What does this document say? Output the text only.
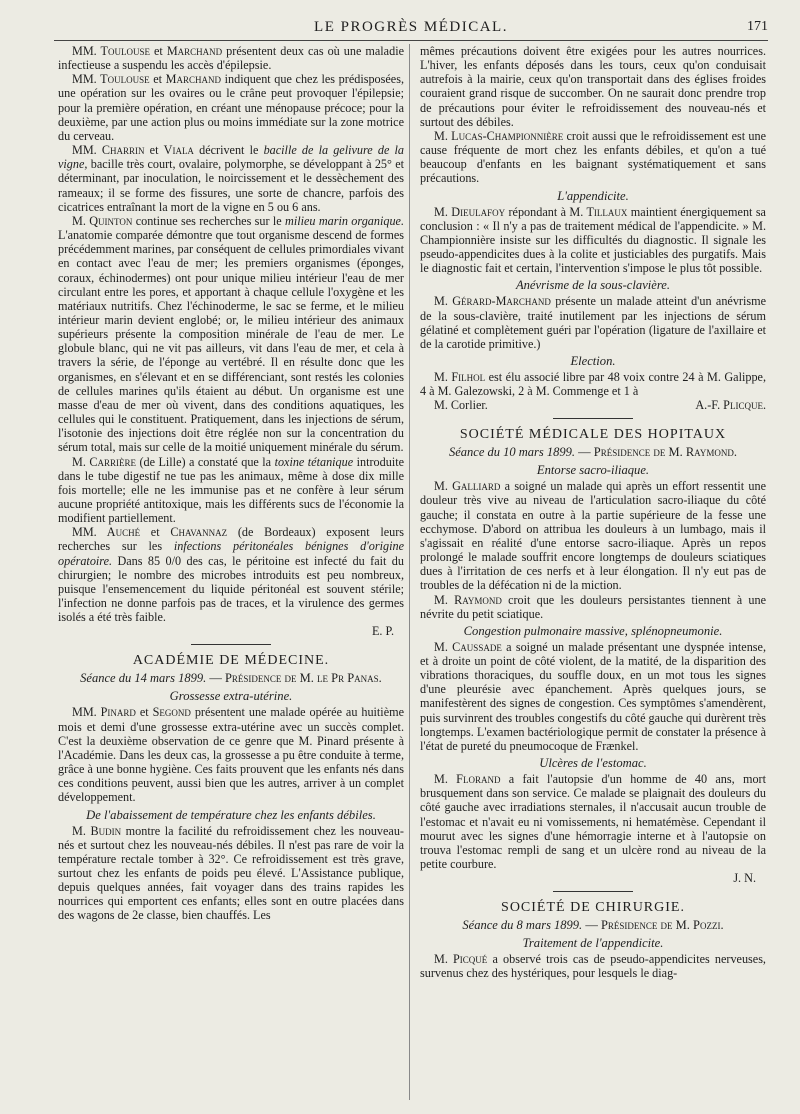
LE PROGRÈS MÉDICAL.	171

MM. Toulouse et Marchand présentent deux cas où une maladie infectieuse a suspendu les accès d'épilepsie.

MM. Toulouse et Marchand indiquent que chez les prédisposées, une opération sur les ovaires ou le crâne peut provoquer l'épilepsie; pour la première opération, en créant une ménopause précoce; pour la deuxième, par une action plus ou moins immédiate sur la zone motrice du cerveau.

MM. Charrin et Viala décrivent le bacille de la gelivure de la vigne, bacille très court, ovalaire, polymorphe, se développant à 25° et déterminant, par inoculation, le noircissement et le dessèchement des rameaux; il se forme des fissures, une sorte de chancre, parfois des cicatrices entraînant la mort de la vigne en 5 ou 6 ans.

M. Quinton continue ses recherches sur le milieu marin organique. L'anatomie comparée démontre que tout organisme descend de formes précédemment marines, par conséquent de cellules primordiales vivant en contact avec l'eau de mer; les premiers organismes (éponges, coraux, échinodermes) ont pour unique milieu intérieur l'eau de mer circulant entre les pores, et apportant à chaque cellule l'oxygène et les matériaux nutritifs. Chez l'échinoderme, le sac se ferme, et le milieu intérieur marin devient englobé; or, le milieu intérieur des animaux supérieurs présente la composition minérale de l'eau de mer. Le globule blanc, qui ne vit pas ailleurs, vit dans l'eau de mer, et cela à travers la série, de l'éponge au vertébré. Il en résulte donc que les organismes, en s'élevant et en se différenciant, sont restés les colonies de cellules marines qu'ils étaient au début. Un organisme est une masse d'eau de mer où vivent, dans des conditions aquatiques, les cellules qui le constituent. Pratiquement, dans les injections de sérum, l'isotonie des injections doit être réglée non sur la concentration du sérum total, mais sur celle de la moitié uniquement minérale du sérum.

M. Carrière (de Lille) a constaté que la toxine tétanique introduite dans le tube digestif ne tue pas les animaux, même à dose dix mille fois mortelle; elle ne les immunise pas et ne confère à leur sérum aucune propriété antitoxique, mais les différents sucs de l'économie la modifient partiellement.

MM. Auché et Chavannaz (de Bordeaux) exposent leurs recherches sur les infections péritonéales bénignes d'origine opératoire. Dans 85 0/0 des cas, le péritoine est infecté du fait du chirurgien; le nombre des microbes introduits est peu nombreux, puisque l'ensemencement du liquide péritonéal est souvent stérile; l'infection ne donne parfois pas de traces, et la virulence des germes isolés a été très faible.

E. P.

ACADÉMIE DE MÉDECINE.

Séance du 14 mars 1899. — Présidence de M. le Pr Panas.

Grossesse extra-utérine.

MM. Pinard et Segond présentent une malade opérée au huitième mois et demi d'une grossesse extra-utérine avec un succès complet. C'est la deuxième observation de ce genre que M. Pinard présente à l'Académie. Dans les deux cas, la grossesse a pu être conduite à terme, grâce à une bonne hygiène. Ces faits prouvent que les enfants nés dans ces conditions peuvent, aussi bien que les autres, arriver à un complet développement.

De l'abaissement de température chez les enfants débiles.

M. Budin montre la facilité du refroidissement chez les nouveau-nés et surtout chez les nouveau-nés débiles. Il n'est pas rare de voir la température rectale tomber à 32°. Ce refroidissement est très grave, surtout chez les enfants de poids peu élevé. L'Assistance publique, depuis quelques années, fait voyager dans des trains rapides les nourrices qui emportent ces enfants; elles sont en outre placées dans des wagons de 2e classe, bien chauffés. Les

mêmes précautions doivent être exigées pour les autres nourrices. L'hiver, les enfants déposés dans les tours, ceux qu'on conduisait autrefois à la mairie, ceux qu'on transportait dans des églises froides couraient grand risque de succomber. On ne saurait donc prendre trop de précautions pour éviter le refroidissement des nouveau-nés et surtout des débiles.

M. Lucas-Championnière croit aussi que le refroidissement est une cause fréquente de mort chez les enfants débiles, et qu'on a tué beaucoup d'enfants en les baignant systématiquement et sans précautions.

L'appendicite.

M. Dieulafoy répondant à M. Tillaux maintient énergiquement sa conclusion : « Il n'y a pas de traitement médical de l'appendicite. » M. Championnière insiste sur les difficultés du diagnostic. Il signale les pseudo-appendicites dues à la colite et justiciables des purgatifs. Mais le diagnostic fait et certain, l'intervention s'impose le plus tôt possible.

Anévrisme de la sous-clavière.

M. Gérard-Marchand présente un malade atteint d'un anévrisme de la sous-clavière, traité inutilement par les injections de sérum gélatiné et complètement guéri par l'opération (ligature de l'axillaire et de la carotide primitive.)

Election.

M. Filhol est élu associé libre par 48 voix contre 24 à M. Galippe, 4 à M. Galezowski, 2 à M. Commenge et 1 à

M. Corlier.	A.-F. Plicque.
SOCIÉTÉ MÉDICALE DES HOPITAUX

Séance du 10 mars 1899. — Présidence de M. Raymond.

Entorse sacro-iliaque.

M. Galliard a soigné un malade qui après un effort ressentit une douleur très vive au niveau de l'articulation sacro-iliaque du côté gauche; il constata en outre à la partie supérieure de la fesse une ecchymose. D'abord on attribua les douleurs à un lumbago, mais il s'agissait en réalité d'une entorse sacro-iliaque. Après un repos prolongé le malade souffrit encore longtemps de douleurs sciatiques dues à l'irritation de ces nerfs et à leur élongation. Il n'y eut pas de troubles de la défécation ni de la miction.

M. Raymond croit que les douleurs persistantes tiennent à une névrite du petit sciatique.

Congestion pulmonaire massive, splénopneumonie.

M. Caussade a soigné un malade présentant une dyspnée intense, et à droite un point de côté violent, de la matité, de la disparition des vibrations thoraciques, du souffle doux, en un mot tous les signes d'une pleurésie avec épanchement. Après quelques jours, se manifestèrent des signes de congestion. Ces symptômes s'amendèrent, puis survinrent des troubles congestifs du côté gauche qui durèrent très longtemps. L'examen bactériologique permit de constater la présence à l'état de pureté du pneumocoque de Frænkel.

Ulcères de l'estomac.

M. Florand a fait l'autopsie d'un homme de 40 ans, mort brusquement dans son service. Ce malade se plaignait des douleurs du côté gauche avec irradiations sternales, il n'accusait aucun trouble de l'estomac et n'avait eu ni vomissements, ni hematémèse. Cependant il mourut avec les signes d'une hémorragie interne et à l'autopsie on trouva l'estomac rempli de sang et un ulcère rond au niveau de la petite courbure.

J. N.

SOCIÉTÉ DE CHIRURGIE.

Séance du 8 mars 1899. — Présidence de M. Pozzi.

Traitement de l'appendicite.

M. Picqué a observé trois cas de pseudo-appendicites nerveuses, survenus chez des hystériques, pour lesquels le diag-
